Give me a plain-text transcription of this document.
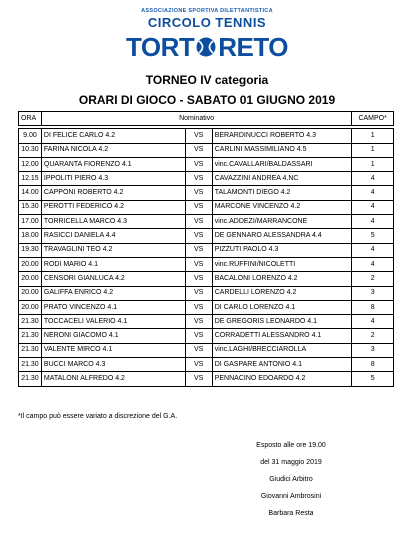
ASSOCIAZIONE SPORTIVA DILETTANTISTICA
CIRCOLO TENNIS
TORT RETO
TORNEO IV categoria
ORARI DI GIOCO - SABATO 01 GIUGNO 2019
ORA	Nominativo			CAMPO*

9.00	DI FELICE CARLO 4.2	VS	BERARDINUCCI ROBERTO 4.3	1
10.30	FARINA NICOLA 4.2	VS	CARLINI MASSIMILIANO 4.5	1
12.00	QUARANTA FIORENZO 4.1	VS	vinc.CAVALLARI/BALDASSARI	1
12.15	IPPOLITI PIERO 4.3	VS	CAVAZZINI ANDREA 4.NC	4
14.00	CAPPONI ROBERTO 4.2	VS	TALAMONTI DIEGO 4.2	4
15.30	PEROTTI FEDERICO 4.2	VS	MARCONE VINCENZO 4.2	4
17.00	TORRICELLA MARCO 4.3	VS	vinc.ADDEZI/MARRANCONE	4
18.00	RASICCI DANIELA 4.4	VS	DE GENNARO ALESSANDRA 4.4	5
19.30	TRAVAGLINI TEO 4.2	VS	PIZZUTI PAOLO 4.3	4
20.00	RODI MARIO 4.1	VS	vinc.RUFFINI/NICOLETTI	4
20.00	CENSORI GIANLUCA 4.2	VS	BACALONI LORENZO 4.2	2
20.00	GALIFFA ENRICO 4.2	VS	CARDELLI LORENZO 4.2	3
20.00	PRATO VINCENZO 4.1	VS	DI CARLO LORENZO 4.1	8
21.30	TOCCACELI VALERIO 4.1	VS	DE GREGORIS LEONARDO 4.1	4
21.30	NERONI GIACOMO 4.1	VS	CORRADETTI ALESSANDRO 4.1	2
21.30	VALENTE MIRCO 4.1	VS	vinc.LAGHI/BRECCIAROLLA	3
21.30	BUCCI MARCO 4.3	VS	DI GASPARE ANTONIO 4.1	8
21.30	MATALONI ALFREDO 4.2	VS	PENNACINO EDOARDO 4.2	5
*Il campo può essere variato a discrezione del G.A.
Esposto alle ore 19.00
del 31 maggio 2019
Giudici Arbitro
Giovanni Ambrosini
Barbara Resta
